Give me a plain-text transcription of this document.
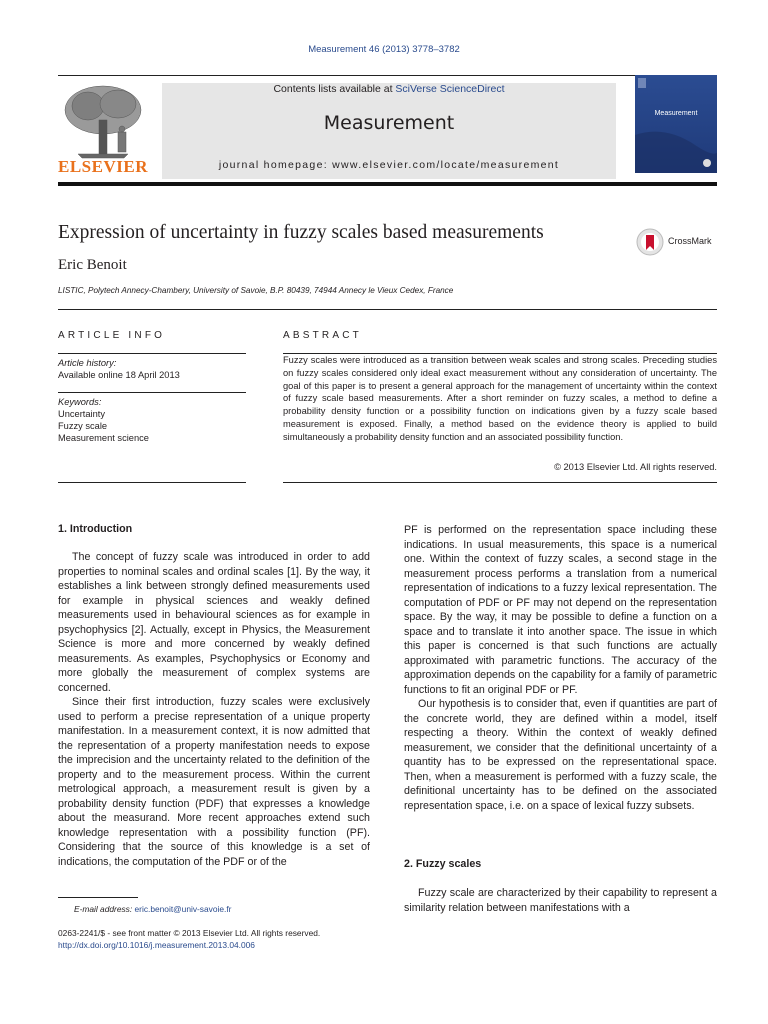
Measurement 46 (2013) 3778–3782
ELSEVIER
Contents lists available at SciVerse ScienceDirect
Measurement
journal homepage: www.elsevier.com/locate/measurement
Measurement
Expression of uncertainty in fuzzy scales based measurements	CrossMark
Eric Benoit
LISTIC, Polytech Annecy-Chambery, University of Savoie, B.P. 80439, 74944 Annecy le Vieux Cedex, France
ARTICLE INFO
Article history:
Available online 18 April 2013
Keywords:
Uncertainty
Fuzzy scale
Measurement science
ABSTRACT
Fuzzy scales were introduced as a transition between weak scales and strong scales. Preceding studies on fuzzy scales considered only ideal exact measurement without any consideration of uncertainty. The goal of this paper is to present a general approach for the management of uncertainty within the context of fuzzy scale based measurements. After a short reminder on fuzzy scales, a method to define a probability density function or a possibility function on indications given by a fuzzy scale based measurement is exposed. Finally, a method based on the evidence theory is applied to build simultaneously a probability density function and an associated possibility function.
© 2013 Elsevier Ltd. All rights reserved.
1. Introduction

The concept of fuzzy scale was introduced in order to add properties to nominal scales and ordinal scales [1]. By the way, it establishes a link between strongly defined measurements used for example in physical sciences and weakly defined measurements used in behavioural sciences as for example in psychophysics [2]. Actually, except in Physics, the Measurement Science is more and more concerned by weakly defined measurements. As examples, Psychophysics or Economy and more globally the measurement of complex systems are concerned.

Since their first introduction, fuzzy scales were exclusively used to perform a precise representation of a unique property manifestation. In a measurement context, it is now admitted that the representation of a property manifestation needs to expose the imprecision and the uncertainty related to the definition of the property and to the measurement process. Within the current metrological approach, a measurement result is given by a probability density function (PDF) that expresses a knowledge about the measurand. More recent approaches extend such knowledge representation with a possibility function (PF). Considering that the source of this knowledge is a set of indications, the computation of the PDF or of the

PF is performed on the representation space including these indications. In usual measurements, this space is a numerical one. Within the context of fuzzy scales, a second stage in the measurement process performs a translation from a numerical representation of indications to a fuzzy lexical representation. The computation of PDF or PF may not depend on the representation space. By the way, it may be possible to define a function on a space and to translate it into another space. The issue in which this paper is concerned is that such functions are actually approximated with parametric functions. The accuracy of the approximation depends on the capability for a family of parametric functions to fit an original PDF or PF.

Our hypothesis is to consider that, even if quantities are part of the concrete world, they are defined within a model, itself respecting a theory. Within the context of weakly defined measurement, we consider that the definitional uncertainty of a quantity has to be expressed on the representational space. Then, when a measurement is performed with a fuzzy scale, the definitional uncertainty has to be defined on the associated representation space, i.e. on a space of lexical fuzzy subsets.

2. Fuzzy scales

Fuzzy scale are characterized by their capability to represent a similarity relation between manifestations with a

E-mail address: eric.benoit@univ-savoie.fr
0263-2241/$ - see front matter © 2013 Elsevier Ltd. All rights reserved.
http://dx.doi.org/10.1016/j.measurement.2013.04.006
